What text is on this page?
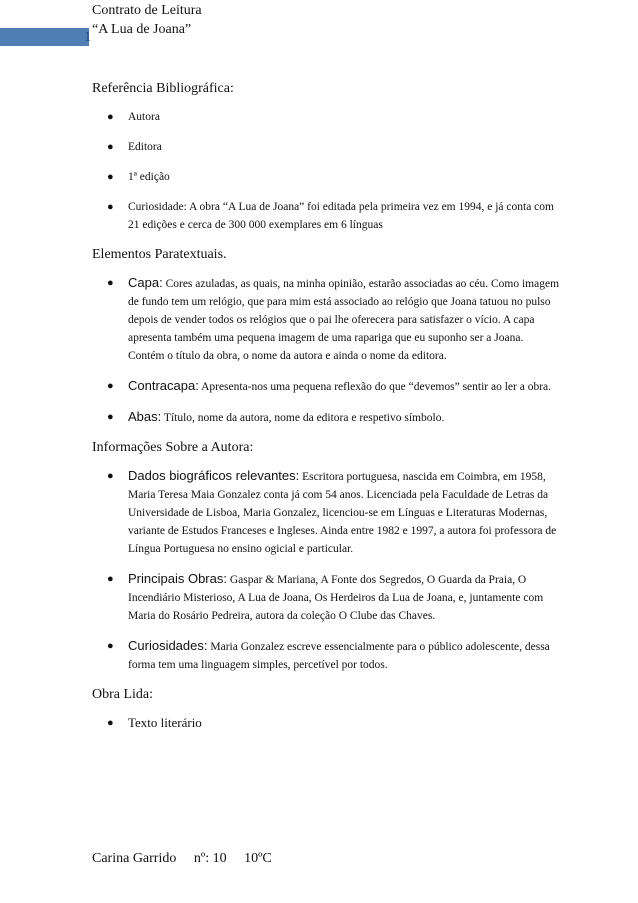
1
Contrato de Leitura
“A Lua de Joana”
Referência Bibliográfica:
● Autora
● Editora
● 1ª edição
● Curiosidade: A obra “A Lua de Joana” foi editada pela primeira vez em 1994, e já conta com 21 edições e cerca de 300 000 exemplares em 6 línguas
Elementos Paratextuais.
● Capa: Cores azuladas, as quais, na minha opinião, estarão associadas ao céu. Como imagem de fundo tem um relógio, que para mim está associado ao relógio que Joana tatuou no pulso depois de vender todos os relógios que o pai lhe oferecera para satisfazer o vício. A capa apresenta também uma pequena imagem de uma rapariga que eu suponho ser a Joana. Contém o título da obra, o nome da autora e ainda o nome da editora.
● Contracapa: Apresenta-nos uma pequena reflexão do que “devemos” sentir ao ler a obra.
● Abas: Título, nome da autora, nome da editora e respetivo símbolo.
Informações Sobre a Autora:
● Dados biográficos relevantes: Escritora portuguesa, nascida em Coimbra, em 1958, Maria Teresa Maia Gonzalez conta já com 54 anos. Licenciada pela Faculdade de Letras da Universidade de Lisboa, Maria Gonzalez, licenciou-se em Línguas e Literaturas Modernas, variante de Estudos Franceses e Ingleses. Ainda entre 1982 e 1997, a autora foi professora de Língua Portuguesa no ensino ogicial e particular.
● Principais Obras: Gaspar & Mariana, A Fonte dos Segredos, O Guarda da Praia, O Incendiário Misterioso, A Lua de Joana, Os Herdeiros da Lua de Joana, e, juntamente com Maria do Rosário Pedreira, autora da coleção O Clube das Chaves.
● Curiosidades: Maria Gonzalez escreve essencialmente para o público adolescente, dessa forma tem uma linguagem simples, percetível por todos.
Obra Lida:
● Texto literário
Carina Garrido     nº: 10     10ºC
